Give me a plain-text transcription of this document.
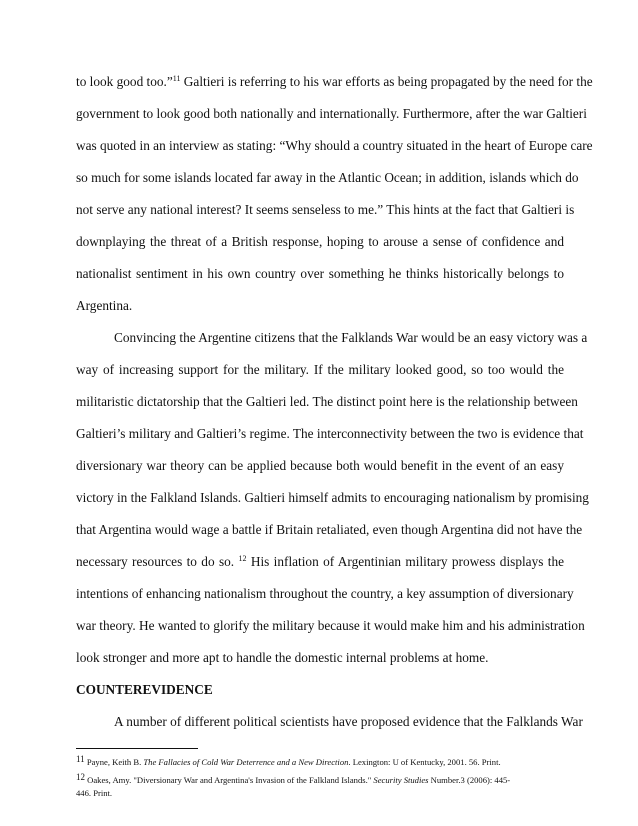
to look good too.”$^{11}$ Galtieri is referring to his war efforts as being propagated by the need for the
government to look good both nationally and internationally. Furthermore, after the war Galtieri
was quoted in an interview as stating: “Why should a country situated in the heart of Europe care
so much for some islands located far away in the Atlantic Ocean; in addition, islands which do
not serve any national interest? It seems senseless to me.” This hints at the fact that Galtieri is
downplaying the threat of a British response, hoping to arouse a sense of confidence and
nationalist sentiment in his own country over something he thinks historically belongs to
Argentina.
Convincing the Argentine citizens that the Falklands War would be an easy victory was a
way of increasing support for the military. If the military looked good, so too would the
militaristic dictatorship that the Galtieri led. The distinct point here is the relationship between
Galtieri’s military and Galtieri’s regime. The interconnectivity between the two is evidence that
diversionary war theory can be applied because both would benefit in the event of an easy
victory in the Falkland Islands. Galtieri himself admits to encouraging nationalism by promising
that Argentina would wage a battle if Britain retaliated, even though Argentina did not have the
necessary resources to do so. $^{12}$ His inflation of Argentinian military prowess displays the
intentions of enhancing nationalism throughout the country, a key assumption of diversionary
war theory. He wanted to glorify the military because it would make him and his administration
look stronger and more apt to handle the domestic internal problems at home.
COUNTEREVIDENCE
A number of different political scientists have proposed evidence that the Falklands War
$^{11}$ Payne, Keith B. The Fallacies of Cold War Deterrence and a New Direction. Lexington: U of Kentucky, 2001. 56. Print.
$^{12}$ Oakes, Amy. "Diversionary War and Argentina's Invasion of the Falkland Islands." Security Studies Number.3 (2006): 445-
446. Print.
